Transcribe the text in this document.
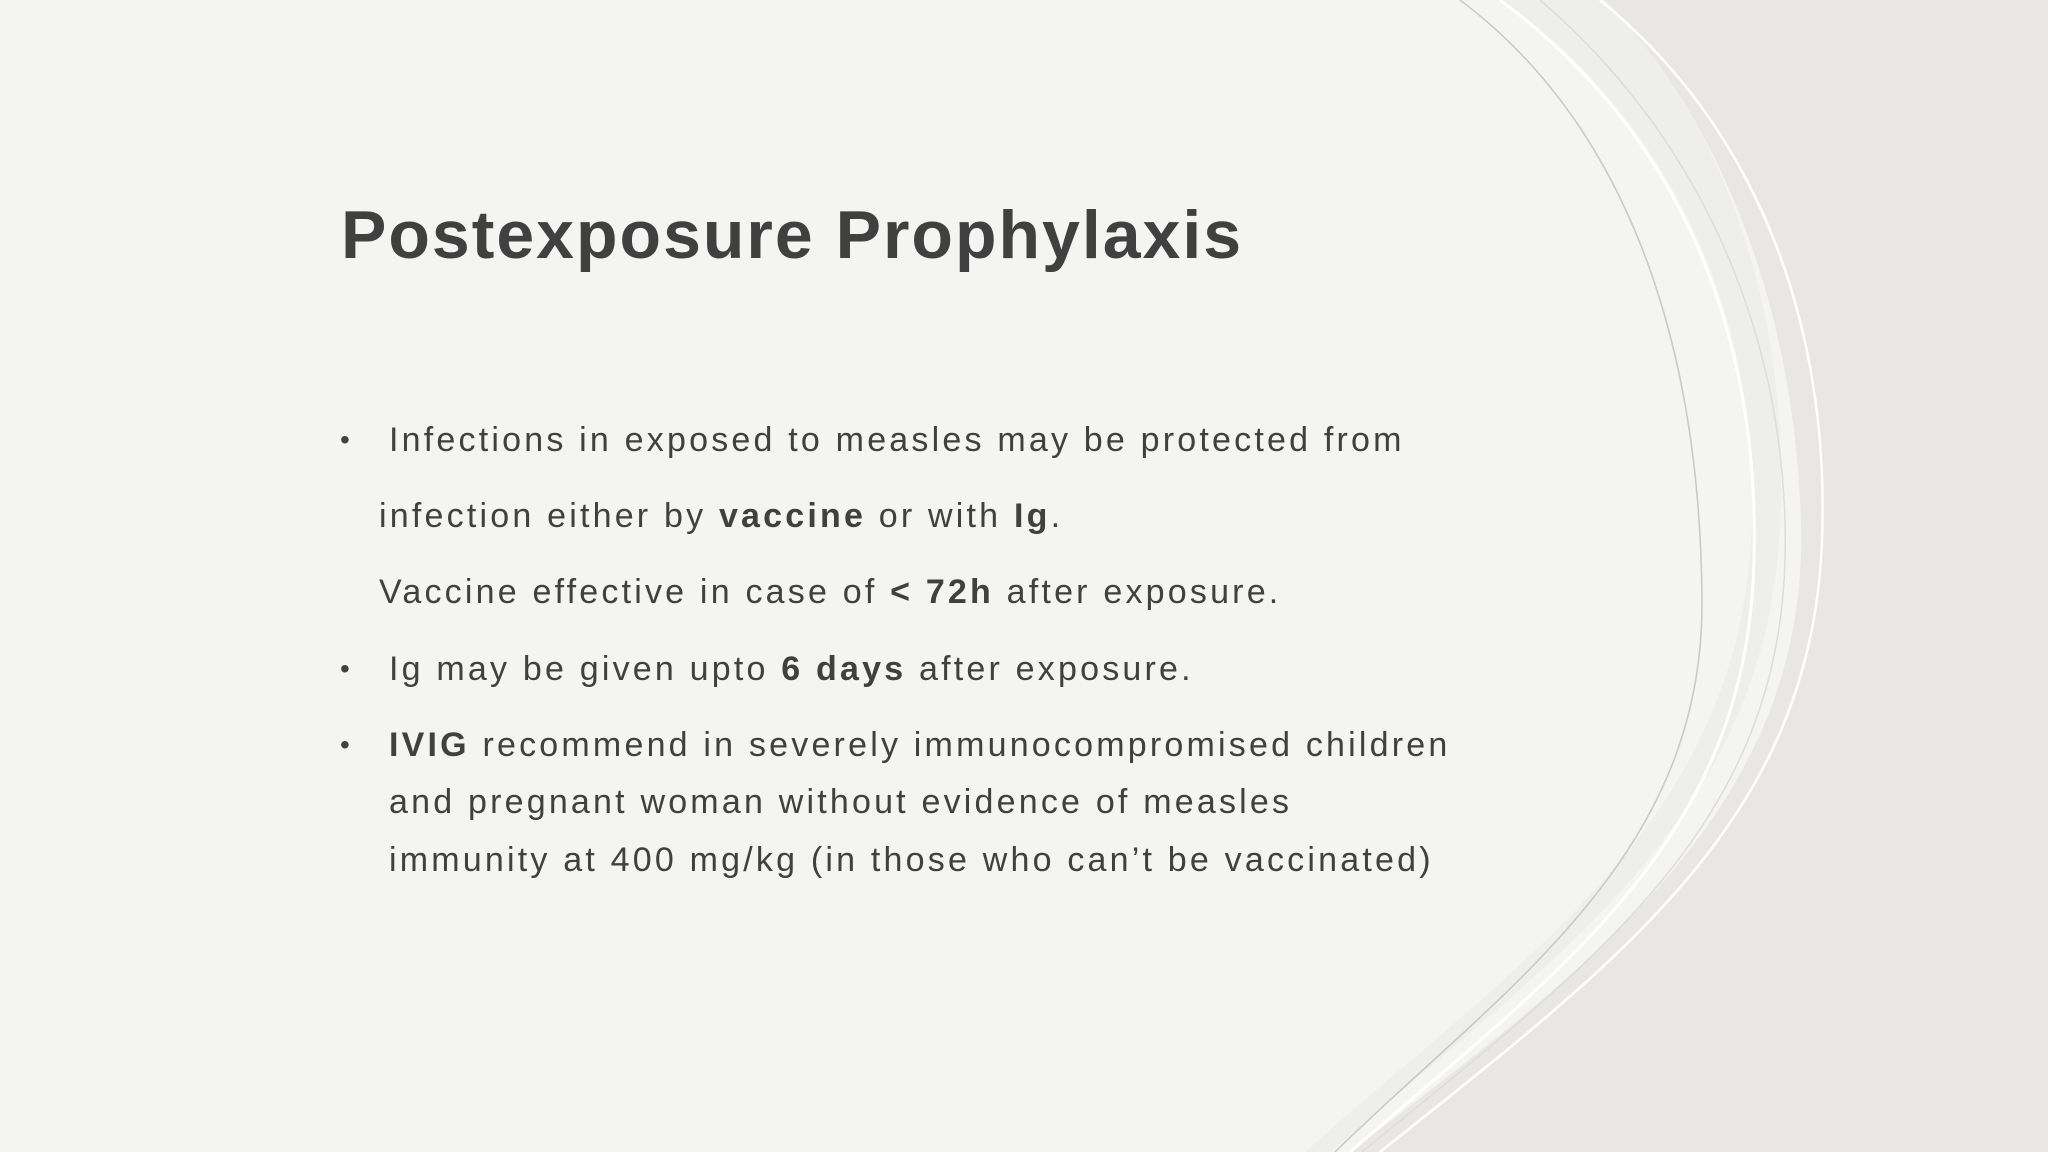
Postexposure Prophylaxis
• Infections in exposed to measles may be protected from
infection either by vaccine or with Ig.
Vaccine effective in case of < 72h after exposure.
• Ig may be given upto 6 days after exposure.
• IVIG recommend in severely immunocompromised children
and pregnant woman without evidence of measles
immunity at 400 mg/kg (in those who can’t be vaccinated)
